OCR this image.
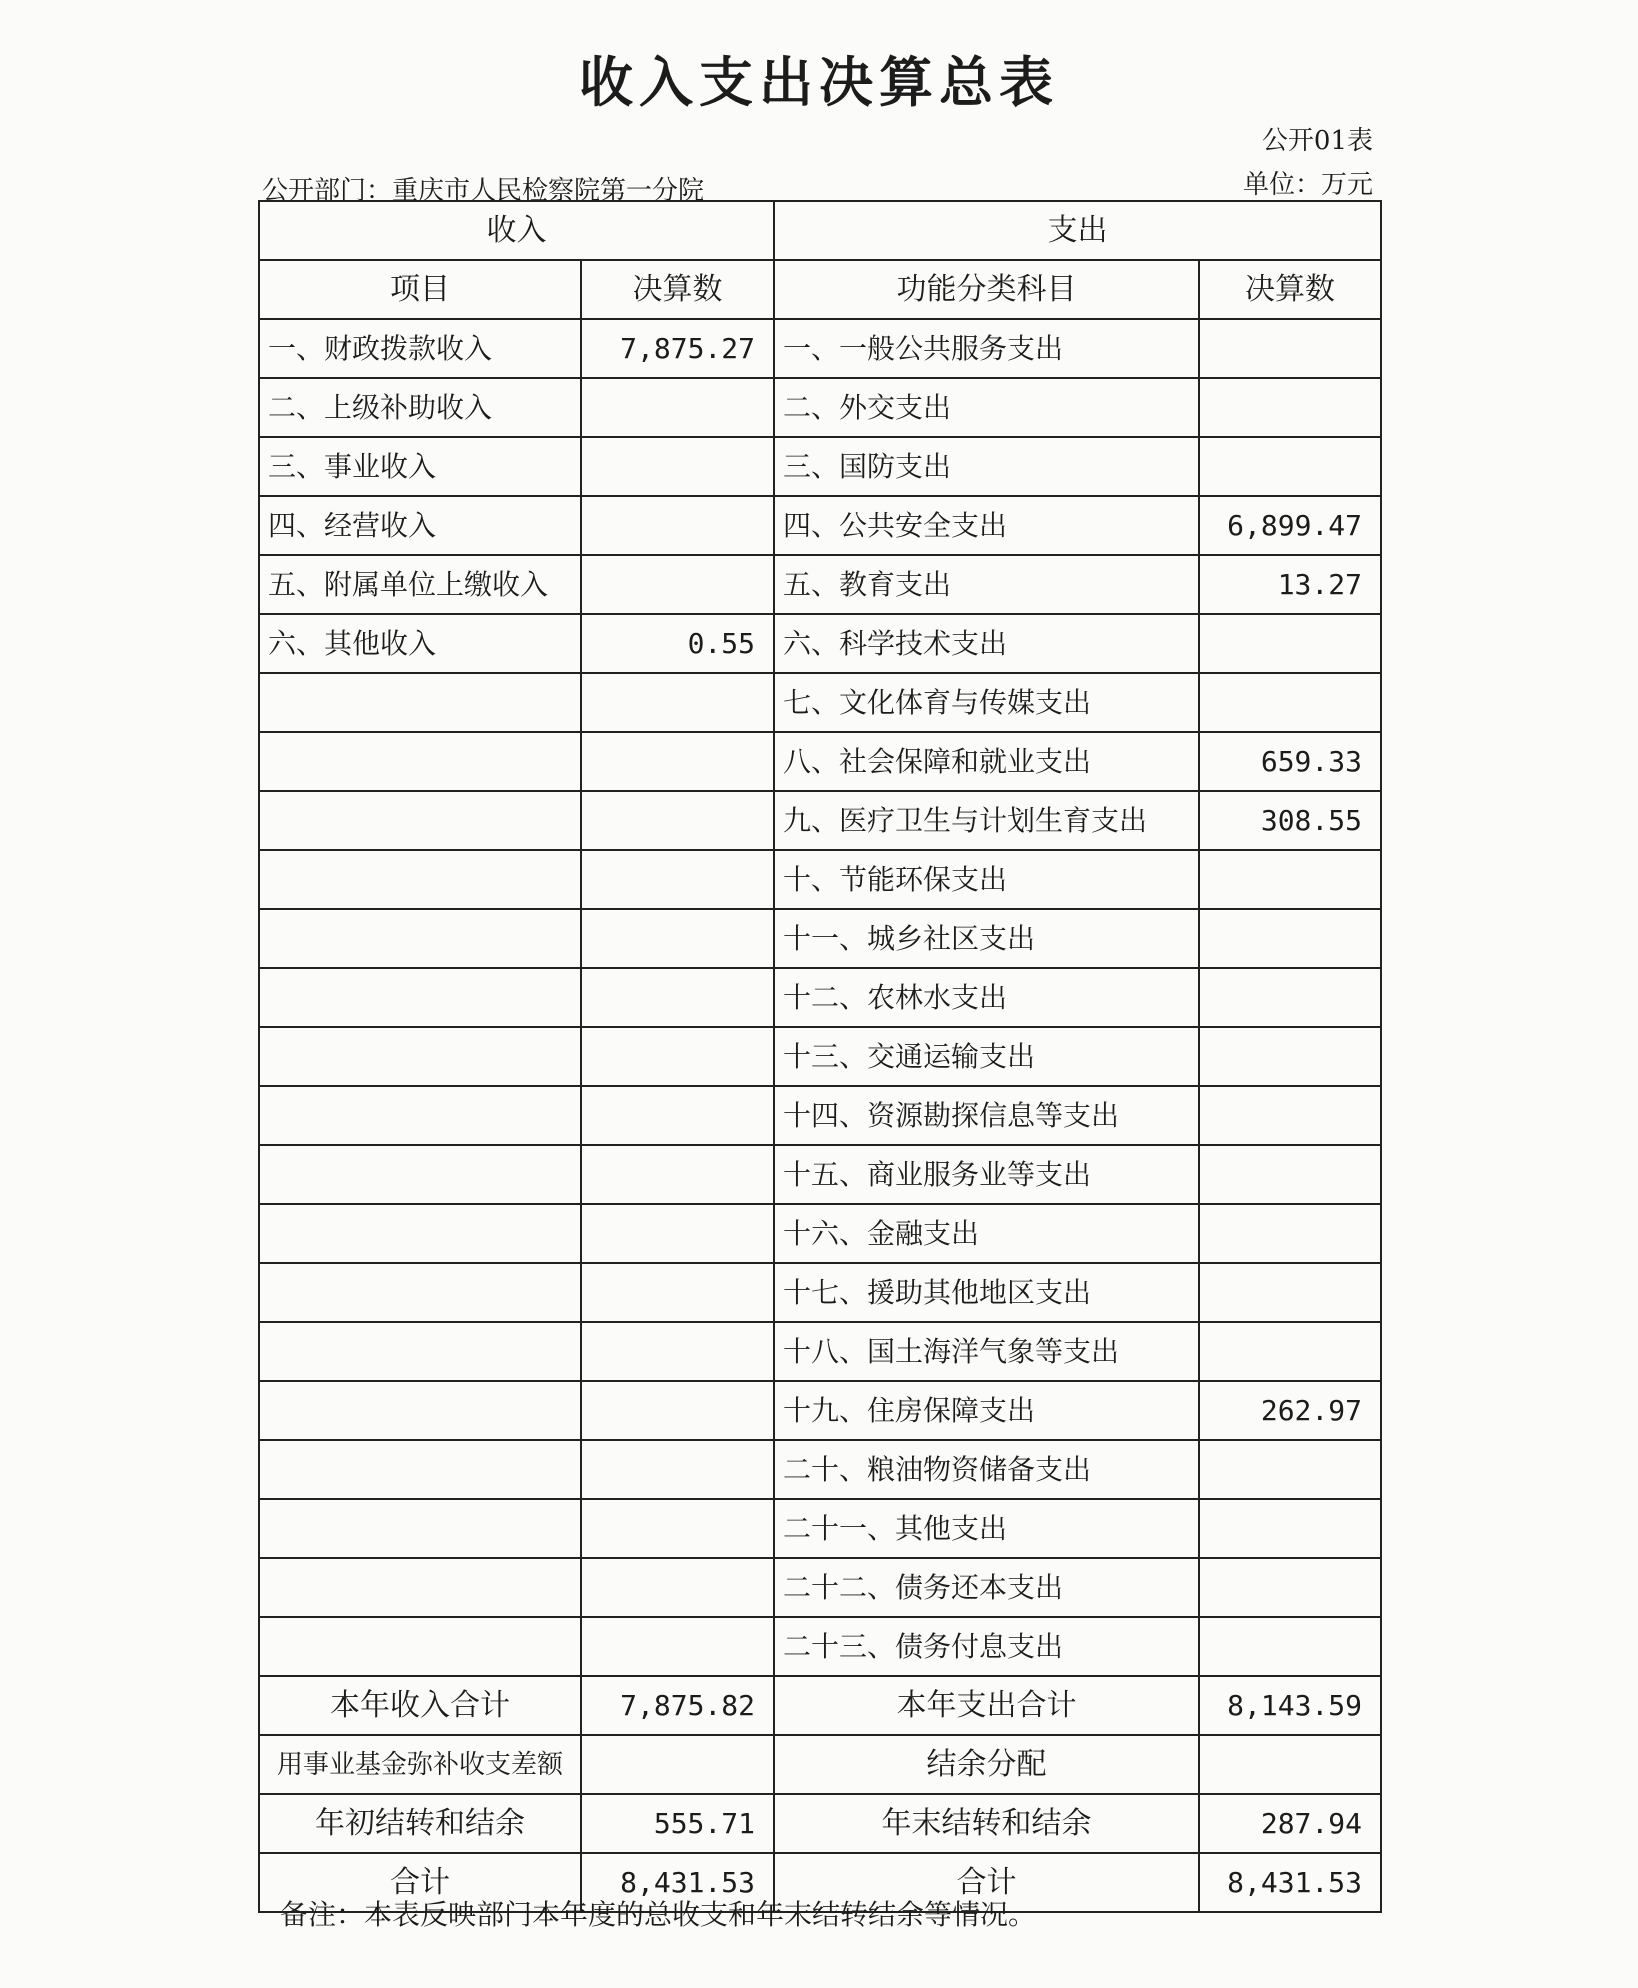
收入支出决算总表
公开01表
公开部门：重庆市人民检察院第一分院	单位：万元
收入		支出	
项目	决算数	功能分类科目	决算数
一、财政拨款收入	7,875.27	一、一般公共服务支出	
二、上级补助收入		二、外交支出	
三、事业收入		三、国防支出	
四、经营收入		四、公共安全支出	6,899.47
五、附属单位上缴收入		五、教育支出	13.27
六、其他收入	0.55	六、科学技术支出	
		七、文化体育与传媒支出	
		八、社会保障和就业支出	659.33
		九、医疗卫生与计划生育支出	308.55
		十、节能环保支出	
		十一、城乡社区支出	
		十二、农林水支出	
		十三、交通运输支出	
		十四、资源勘探信息等支出	
		十五、商业服务业等支出	
		十六、金融支出	
		十七、援助其他地区支出	
		十八、国土海洋气象等支出	
		十九、住房保障支出	262.97
		二十、粮油物资储备支出	
		二十一、其他支出	
		二十二、债务还本支出	
		二十三、债务付息支出	
本年收入合计	7,875.82	本年支出合计	8,143.59
用事业基金弥补收支差额		结余分配	
年初结转和结余	555.71	年末结转和结余	287.94
合计	8,431.53	合计	8,431.53
备注：本表反映部门本年度的总收支和年末结转结余等情况。
